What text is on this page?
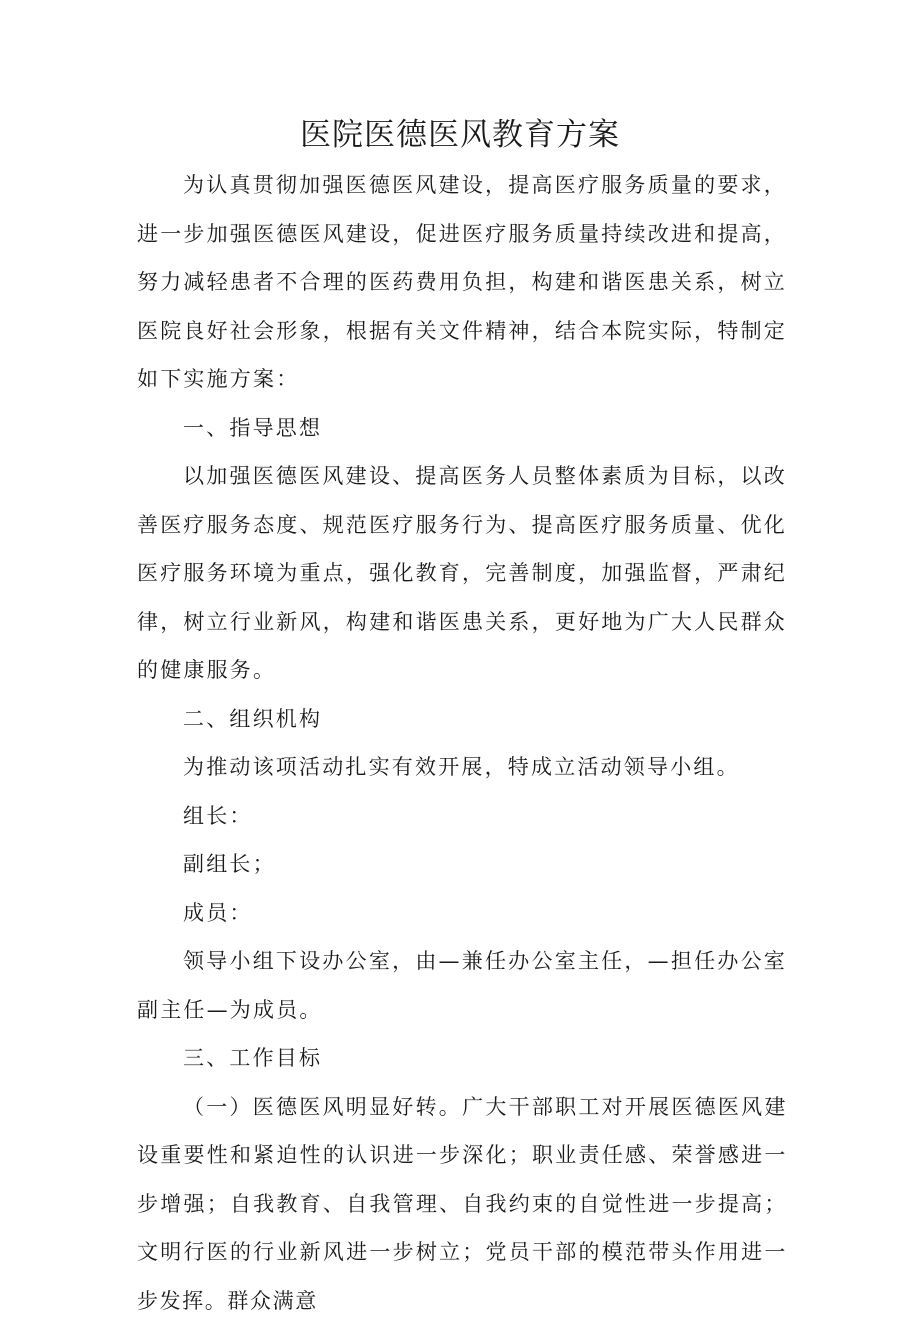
医院医德医风教育方案

为认真贯彻加强医德医风建设，提高医疗服务质量的要求，进一步加强医德医风建设，促进医疗服务质量持续改进和提高，努力减轻患者不合理的医药费用负担，构建和谐医患关系，树立医院良好社会形象，根据有关文件精神，结合本院实际，特制定如下实施方案：

一、指导思想

以加强医德医风建设、提高医务人员整体素质为目标，以改善医疗服务态度、规范医疗服务行为、提高医疗服务质量、优化医疗服务环境为重点，强化教育，完善制度，加强监督，严肃纪律，树立行业新风，构建和谐医患关系，更好地为广大人民群众的健康服务。

二、组织机构

为推动该项活动扎实有效开展，特成立活动领导小组。

组长：

副组长；

成员：

领导小组下设办公室，由—兼任办公室主任，—担任办公室副主任—为成员。

三、工作目标

（一）医德医风明显好转。广大干部职工对开展医德医风建设重要性和紧迫性的认识进一步深化；职业责任感、荣誉感进一步增强；自我教育、自我管理、自我约束的自觉性进一步提高；文明行医的行业新风进一步树立；党员干部的模范带头作用进一步发挥。群众满意
